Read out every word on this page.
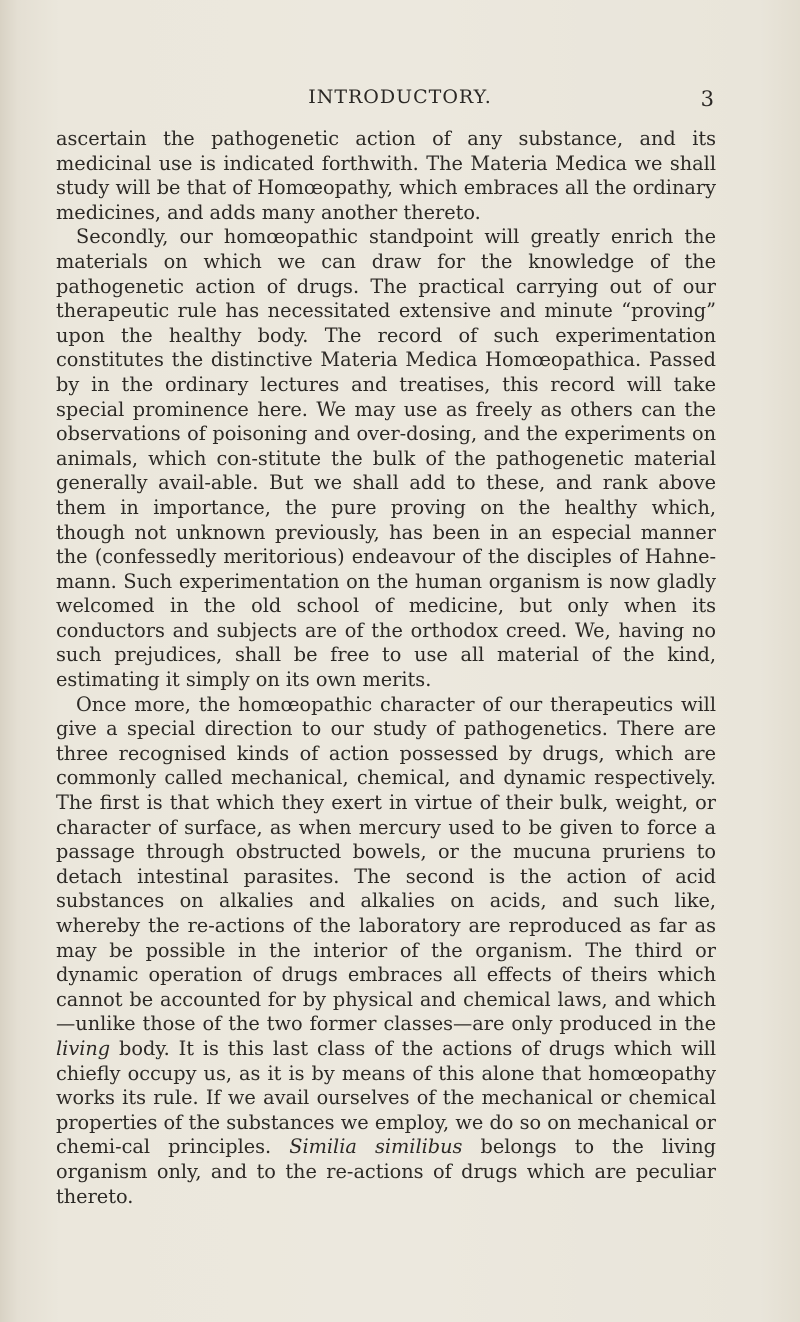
INTRODUCTORY.	3

ascertain the pathogenetic action of any substance, and its medicinal use is indicated forthwith. The Materia Medica we shall study will be that of Homœopathy, which embraces all the ordinary medicines, and adds many another thereto.

Secondly, our homœopathic standpoint will greatly enrich the materials on which we can draw for the knowledge of the pathogenetic action of drugs. The practical carrying out of our therapeutic rule has necessitated extensive and minute “proving” upon the healthy body. The record of such experimentation constitutes the distinctive Materia Medica Homœopathica. Passed by in the ordinary lectures and treatises, this record will take special prominence here. We may use as freely as others can the observations of poisoning and over-dosing, and the experiments on animals, which con-stitute the bulk of the pathogenetic material generally avail-able. But we shall add to these, and rank above them in importance, the pure proving on the healthy which, though not unknown previously, has been in an especial manner the (confessedly meritorious) endeavour of the disciples of Hahne-mann. Such experimentation on the human organism is now gladly welcomed in the old school of medicine, but only when its conductors and subjects are of the orthodox creed. We, having no such prejudices, shall be free to use all material of the kind, estimating it simply on its own merits.

Once more, the homœopathic character of our therapeutics will give a special direction to our study of pathogenetics. There are three recognised kinds of action possessed by drugs, which are commonly called mechanical, chemical, and dynamic respectively. The first is that which they exert in virtue of their bulk, weight, or character of surface, as when mercury used to be given to force a passage through obstructed bowels, or the mucuna pruriens to detach intestinal parasites. The second is the action of acid substances on alkalies and alkalies on acids, and such like, whereby the re-actions of the laboratory are reproduced as far as may be possible in the interior of the organism. The third or dynamic operation of drugs embraces all effects of theirs which cannot be accounted for by physical and chemical laws, and which—unlike those of the two former classes—are only produced in the living body. It is this last class of the actions of drugs which will chiefly occupy us, as it is by means of this alone that homœopathy works its rule. If we avail ourselves of the mechanical or chemical properties of the substances we employ, we do so on mechanical or chemi-cal principles. Similia similibus belongs to the living organism only, and to the re-actions of drugs which are peculiar thereto.
